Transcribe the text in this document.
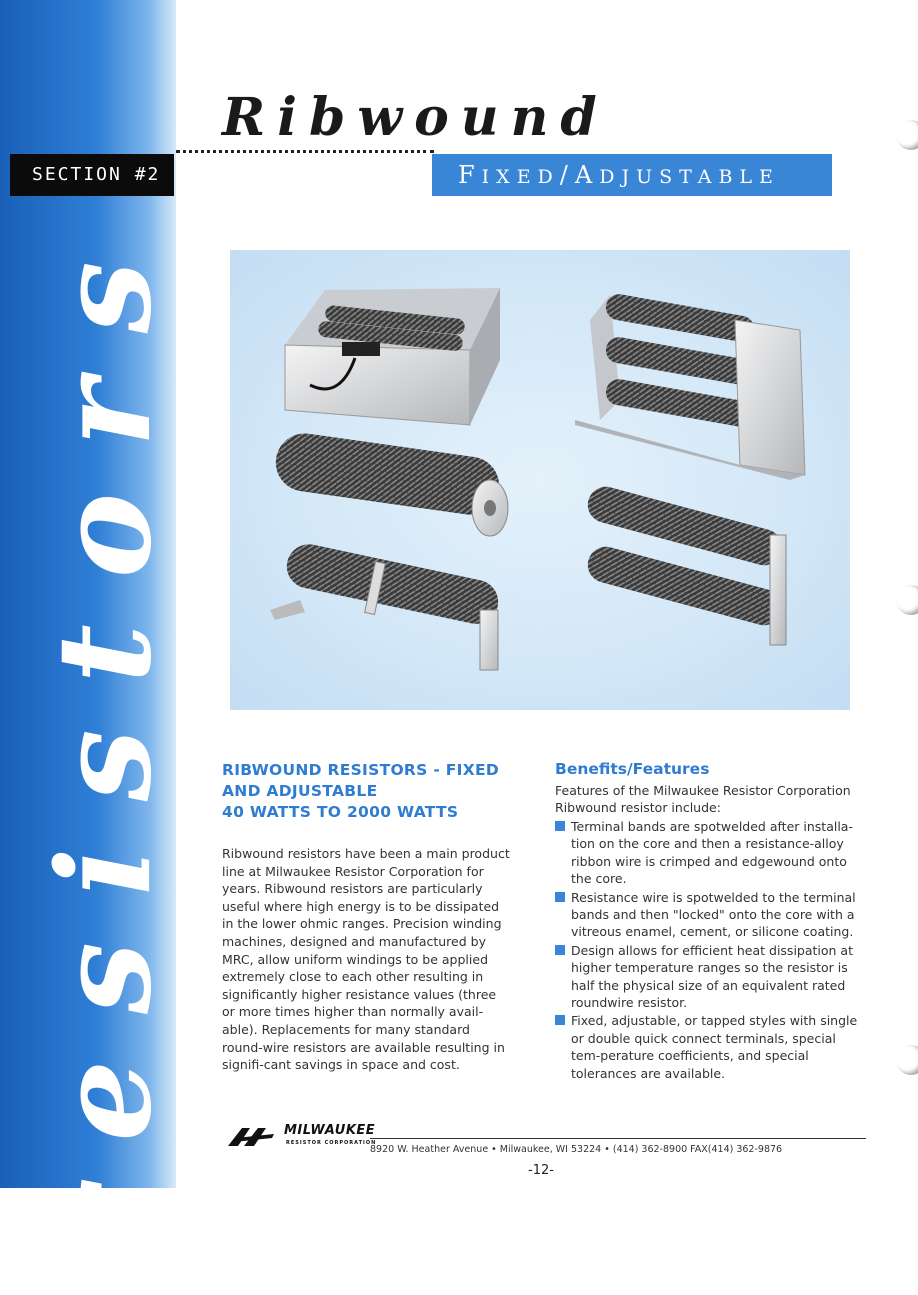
resistors
SECTION #2
Ribwound
FIXED/ADJUSTABLE
RIBWOUND RESISTORS - FIXED
AND ADJUSTABLE
40 WATTS TO 2000 WATTS
Ribwound resistors have been a main product line at Milwaukee Resistor Corporation for years. Ribwound resistors are particularly useful where high energy is to be dissipated in the lower ohmic ranges. Precision winding machines, designed and manufactured by MRC, allow uniform windings to be applied extremely close to each other resulting in significantly higher resistance values (three or more times higher than normally avail-able). Replacements for many standard round-wire resistors are available resulting in signifi-cant savings in space and cost.
Benefits/Features
Features of the Milwaukee Resistor Corporation Ribwound resistor include:
Terminal bands are spotwelded after installa-tion on the core and then a resistance-alloy ribbon wire is crimped and edgewound onto the core.
Resistance wire is spotwelded to the terminal bands and then "locked" onto the core with a vitreous enamel, cement, or silicone coating.
Design allows for efficient heat dissipation at higher temperature ranges so the resistor is half the physical size of an equivalent rated roundwire resistor.
Fixed, adjustable, or tapped styles with single or double quick connect terminals, special tem-perature coefficients, and special tolerances are available.
MILWAUKEE
RESISTOR CORPORATION
8920 W. Heather Avenue • Milwaukee, WI 53224 • (414) 362-8900 FAX(414) 362-9876
-12-
